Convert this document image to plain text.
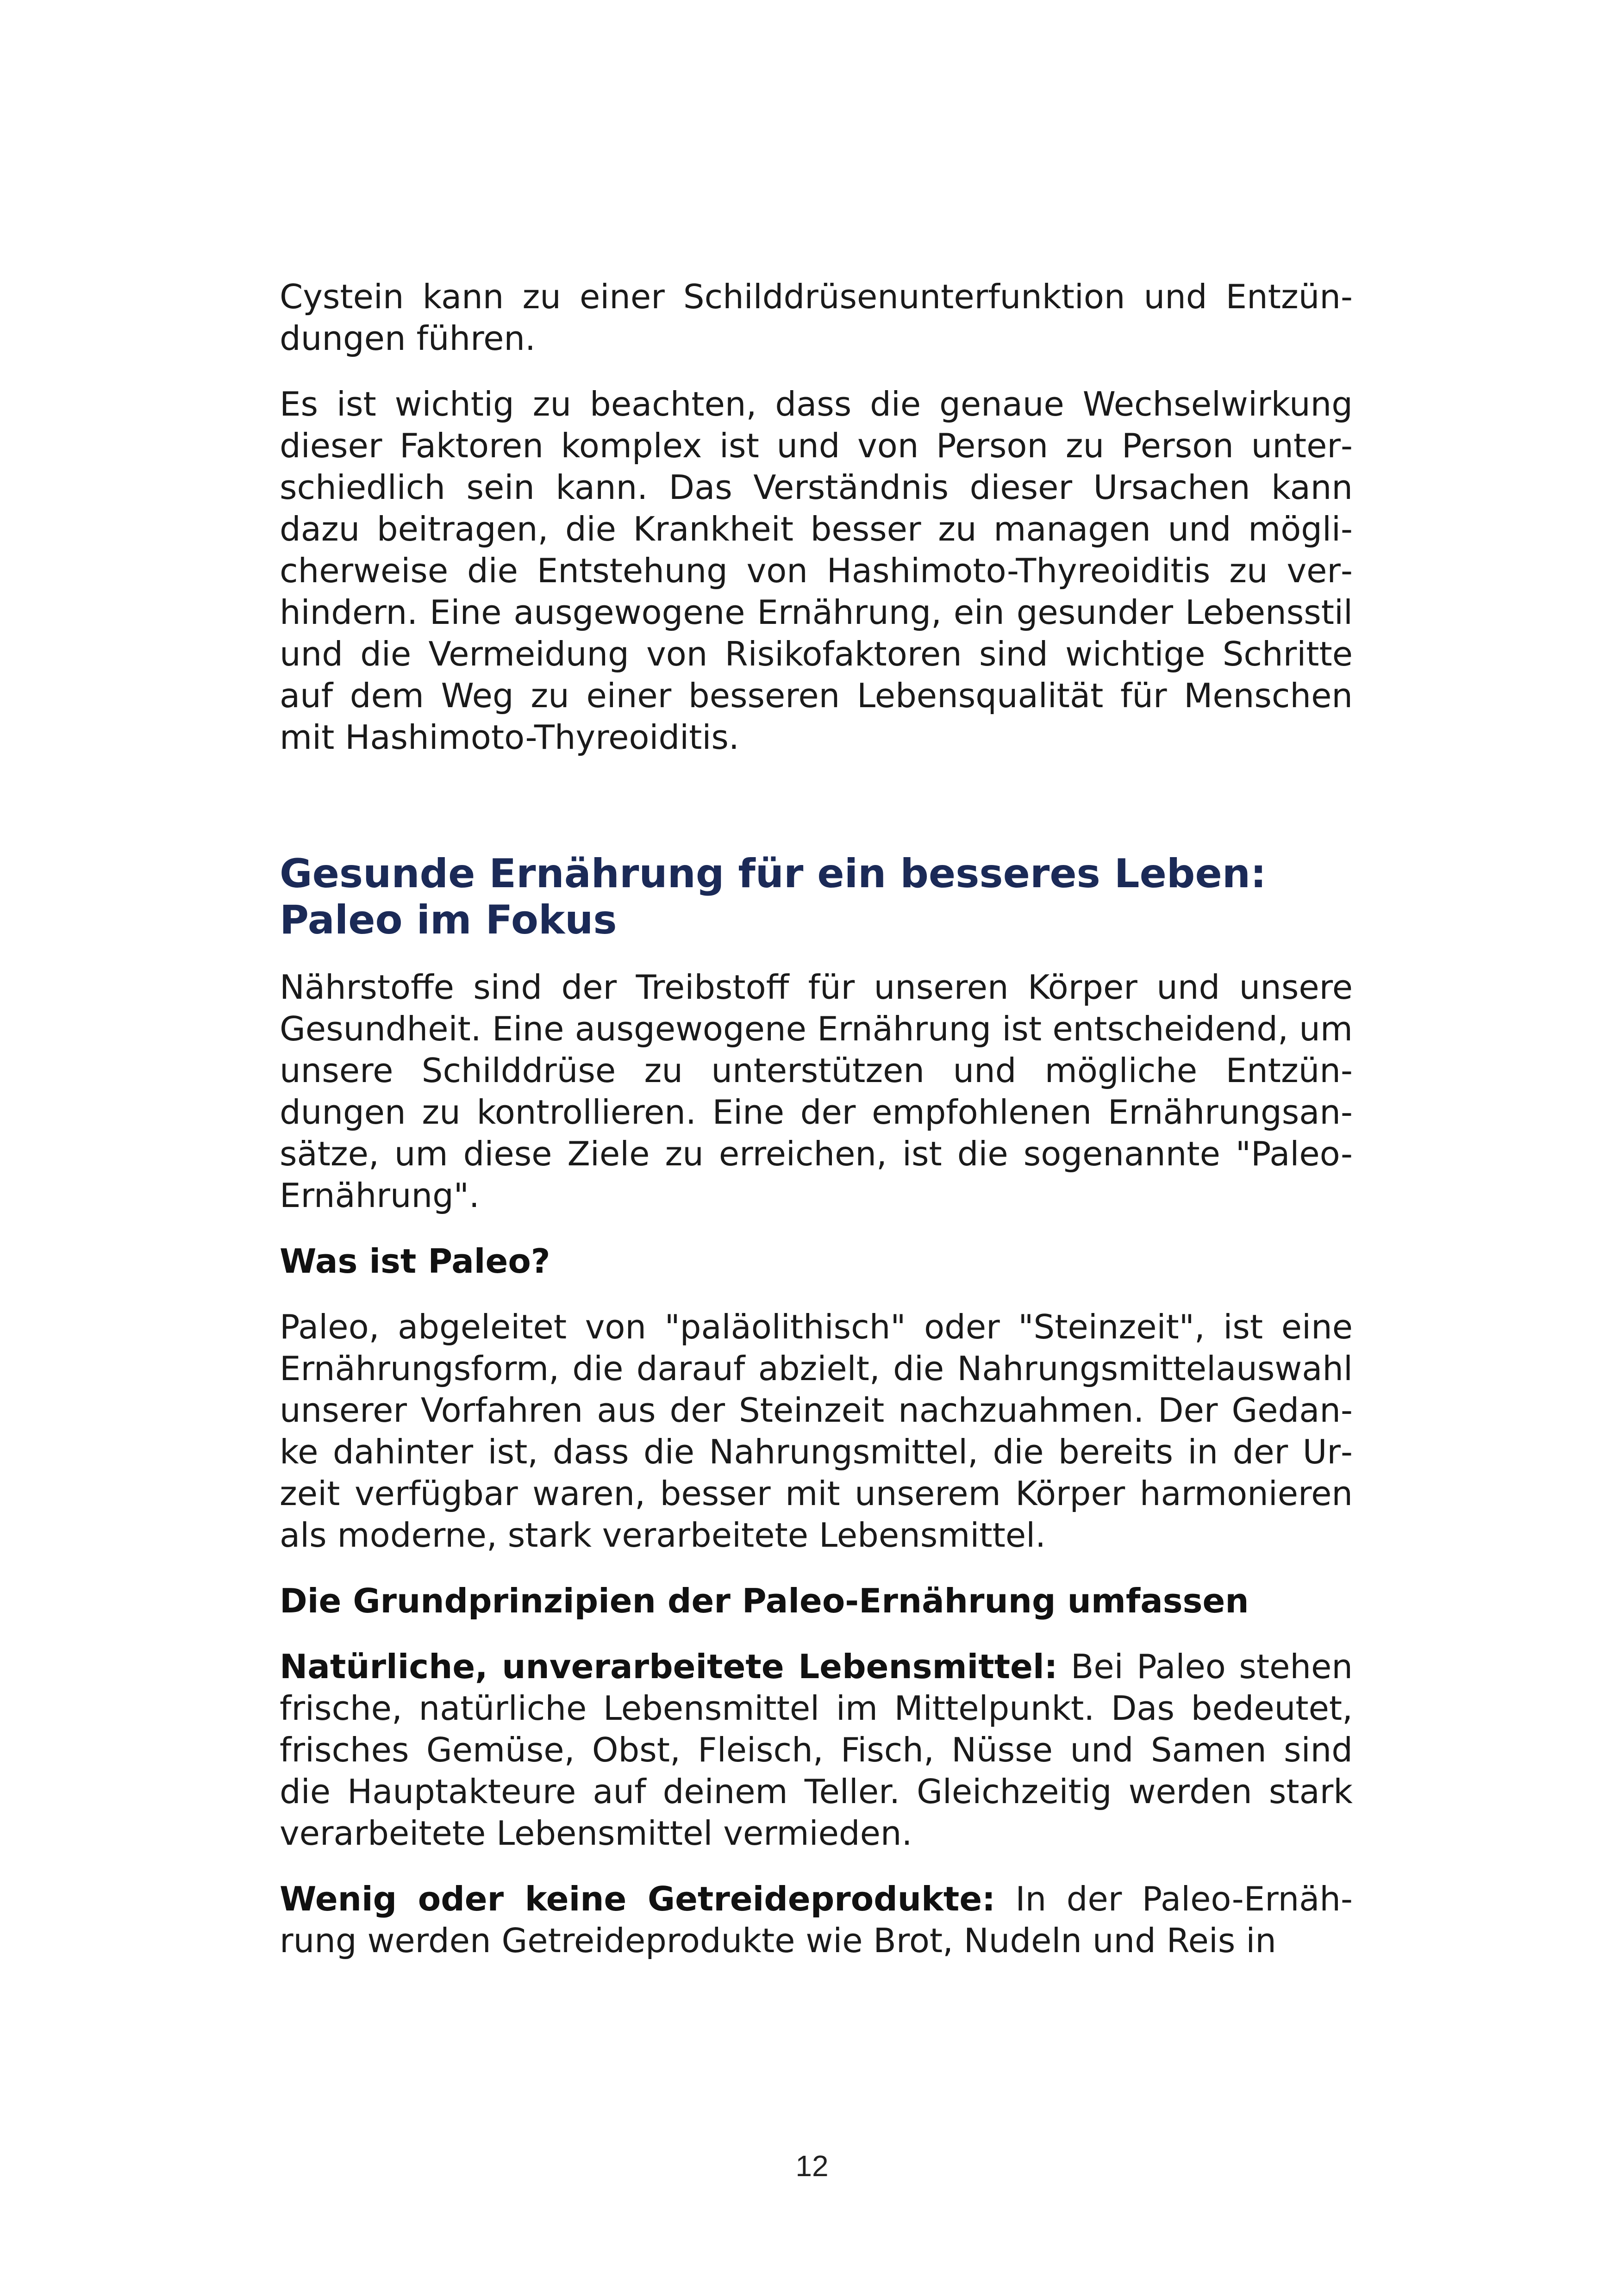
Cystein kann zu einer Schilddrüsenunterfunktion und Entzündungen führen.

Es ist wichtig zu beachten, dass die genaue Wechselwirkung dieser Faktoren komplex ist und von Person zu Person unterschiedlich sein kann. Das Verständnis dieser Ursachen kann dazu beitragen, die Krankheit besser zu managen und möglicherweise die Entstehung von Hashimoto-Thyreoiditis zu verhindern. Eine ausgewogene Ernährung, ein gesunder Lebensstil und die Vermeidung von Risikofaktoren sind wichtige Schritte auf dem Weg zu einer besseren Lebensqualität für Menschen mit Hashimoto-Thyreoiditis.

Gesunde Ernährung für ein besseres Leben:
Paleo im Fokus

Nährstoffe sind der Treibstoff für unseren Körper und unsere Gesundheit. Eine ausgewogene Ernährung ist entscheidend, um unsere Schilddrüse zu unterstützen und mögliche Entzündungen zu kontrollieren. Eine der empfohlenen Ernährungsansätze, um diese Ziele zu erreichen, ist die sogenannte "Paleo-Ernährung".

Was ist Paleo?

Paleo, abgeleitet von "paläolithisch" oder "Steinzeit", ist eine Ernährungsform, die darauf abzielt, die Nahrungsmittelauswahl unserer Vorfahren aus der Steinzeit nachzuahmen. Der Gedanke dahinter ist, dass die Nahrungsmittel, die bereits in der Urzeit verfügbar waren, besser mit unserem Körper harmonieren als moderne, stark verarbeitete Lebensmittel.

Die Grundprinzipien der Paleo-Ernährung umfassen

Natürliche, unverarbeitete Lebensmittel: Bei Paleo stehen frische, natürliche Lebensmittel im Mittelpunkt. Das bedeutet, frisches Gemüse, Obst, Fleisch, Fisch, Nüsse und Samen sind die Hauptakteure auf deinem Teller. Gleichzeitig werden stark verarbeitete Lebensmittel vermieden.

Wenig oder keine Getreideprodukte: In der Paleo-Ernährung werden Getreideprodukte wie Brot, Nudeln und Reis in

12
